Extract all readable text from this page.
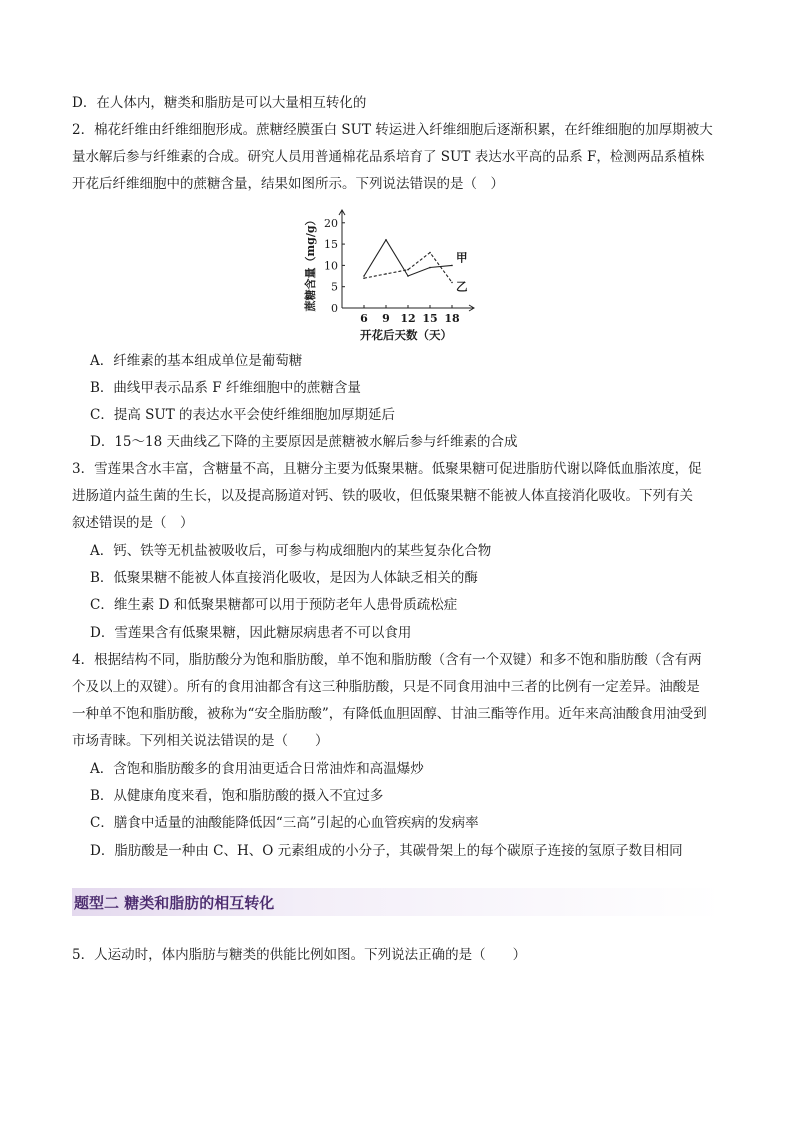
D．在人体内，糖类和脂肪是可以大量相互转化的
2．棉花纤维由纤维细胞形成。蔗糖经膜蛋白 SUT 转运进入纤维细胞后逐渐积累，在纤维细胞的加厚期被大
量水解后参与纤维素的合成。研究人员用普通棉花品系培育了 SUT 表达水平高的品系 F，检测两品系植株
开花后纤维细胞中的蔗糖含量，结果如图所示。下列说法错误的是（　）
0
5
10
15
20
6 9 12 15 18
开花后天数（天）
蔗糖含量（mg/g）	甲
乙
A．纤维素的基本组成单位是葡萄糖
B．曲线甲表示品系 F 纤维细胞中的蔗糖含量
C．提高 SUT 的表达水平会使纤维细胞加厚期延后
D．15～18 天曲线乙下降的主要原因是蔗糖被水解后参与纤维素的合成
3．雪莲果含水丰富，含糖量不高，且糖分主要为低聚果糖。低聚果糖可促进脂肪代谢以降低血脂浓度，促
进肠道内益生菌的生长，以及提高肠道对钙、铁的吸收，但低聚果糖不能被人体直接消化吸收。下列有关
叙述错误的是（　）
A．钙、铁等无机盐被吸收后，可参与构成细胞内的某些复杂化合物
B．低聚果糖不能被人体直接消化吸收，是因为人体缺乏相关的酶
C．维生素 D 和低聚果糖都可以用于预防老年人患骨质疏松症
D．雪莲果含有低聚果糖，因此糖尿病患者不可以食用
4．根据结构不同，脂肪酸分为饱和脂肪酸，单不饱和脂肪酸（含有一个双键）和多不饱和脂肪酸（含有两
个及以上的双键）。所有的食用油都含有这三种脂肪酸，只是不同食用油中三者的比例有一定差异。油酸是
一种单不饱和脂肪酸，被称为“安全脂肪酸”，有降低血胆固醇、甘油三酯等作用。近年来高油酸食用油受到
市场青睐。下列相关说法错误的是（　　）
A．含饱和脂肪酸多的食用油更适合日常油炸和高温爆炒
B．从健康角度来看，饱和脂肪酸的摄入不宜过多
C．膳食中适量的油酸能降低因“三高”引起的心血管疾病的发病率
D．脂肪酸是一种由 C、H、O 元素组成的小分子，其碳骨架上的每个碳原子连接的氢原子数目相同
题型二 糖类和脂肪的相互转化
5．人运动时，体内脂肪与糖类的供能比例如图。下列说法正确的是（　　）
